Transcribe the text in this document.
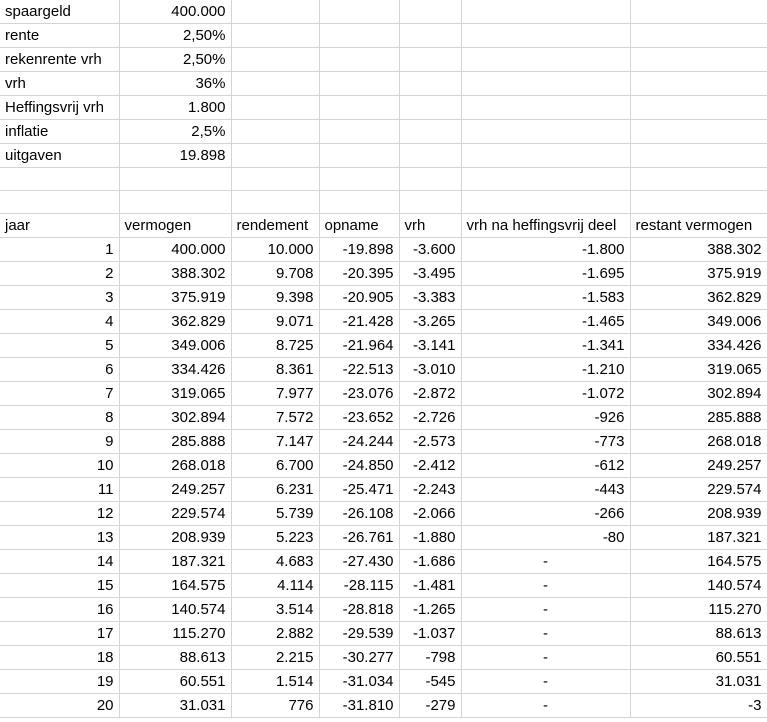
spaargeld	400.000					
rente	2,50%					
rekenrente vrh	2,50%					
vrh	36%					
Heffingsvrij vrh	1.800					
inflatie	2,5%					
uitgaven	19.898					

jaar	vermogen	rendement	opname	vrh	vrh na heffingsvrij deel	restant vermogen
1	400.000	10.000	-19.898	-3.600	-1.800	388.302
2	388.302	9.708	-20.395	-3.495	-1.695	375.919
3	375.919	9.398	-20.905	-3.383	-1.583	362.829
4	362.829	9.071	-21.428	-3.265	-1.465	349.006
5	349.006	8.725	-21.964	-3.141	-1.341	334.426
6	334.426	8.361	-22.513	-3.010	-1.210	319.065
7	319.065	7.977	-23.076	-2.872	-1.072	302.894
8	302.894	7.572	-23.652	-2.726	-926	285.888
9	285.888	7.147	-24.244	-2.573	-773	268.018
10	268.018	6.700	-24.850	-2.412	-612	249.257
11	249.257	6.231	-25.471	-2.243	-443	229.574
12	229.574	5.739	-26.108	-2.066	-266	208.939
13	208.939	5.223	-26.761	-1.880	-80	187.321
14	187.321	4.683	-27.430	-1.686	-	164.575
15	164.575	4.114	-28.115	-1.481	-	140.574
16	140.574	3.514	-28.818	-1.265	-	115.270
17	115.270	2.882	-29.539	-1.037	-	88.613
18	88.613	2.215	-30.277	-798	-	60.551
19	60.551	1.514	-31.034	-545	-	31.031
20	31.031	776	-31.810	-279	-	-3
